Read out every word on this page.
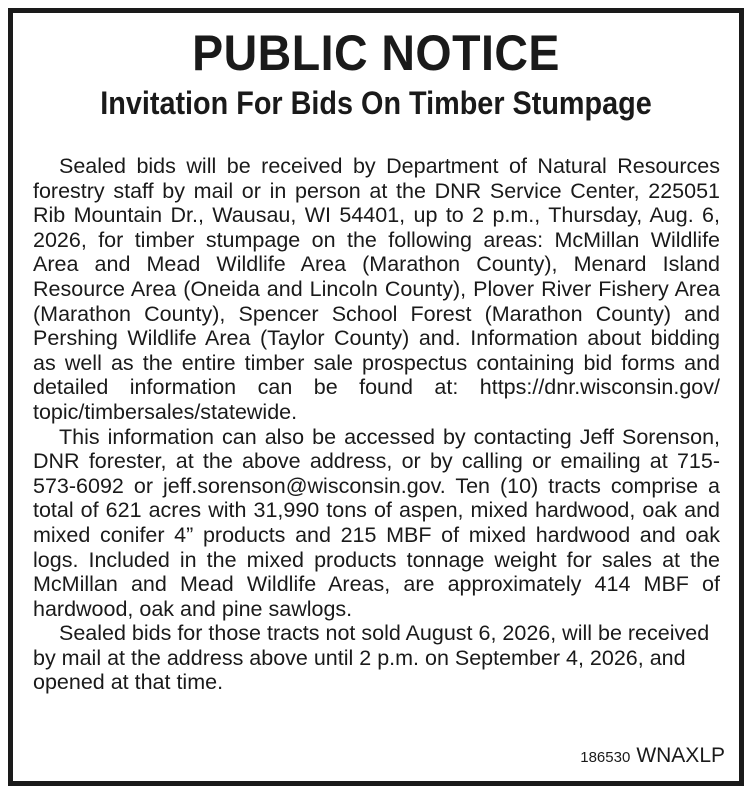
PUBLIC NOTICE
Invitation For Bids On Timber Stumpage

Sealed bids will be received by Department of Natural Resources forestry staff by mail or in person at the DNR Service Center, 225051 Rib Mountain Dr., Wausau, WI 54401, up to 2 p.m., Thursday, Aug. 6, 2026, for timber stumpage on the following areas: McMillan Wildlife Area and Mead Wildlife Area (Marathon County), Menard Island Resource Area (Oneida and Lincoln County), Plover River Fishery Area (Marathon County), Spencer School Forest (Marathon County) and Pershing Wildlife Area (Taylor County) and. Information about bidding as well as the entire timber sale prospectus containing bid forms and detailed information can be found at: https://dnr.wisconsin.gov/ topic/timbersales/statewide.

This information can also be accessed by contacting Jeff Sorenson, DNR forester, at the above address, or by calling or emailing at 715-573-6092 or jeff.sorenson@wisconsin.gov. Ten (10) tracts comprise a total of 621 acres with 31,990 tons of aspen, mixed hardwood, oak and mixed conifer 4” products and 215 MBF of mixed hardwood and oak logs. Included in the mixed products tonnage weight for sales at the McMillan and Mead Wildlife Areas, are approximately 414 MBF of hardwood, oak and pine sawlogs.

Sealed bids for those tracts not sold August 6, 2026, will be received by mail at the address above until 2 p.m. on September 4, 2026, and opened at that time.

186530 WNAXLP
